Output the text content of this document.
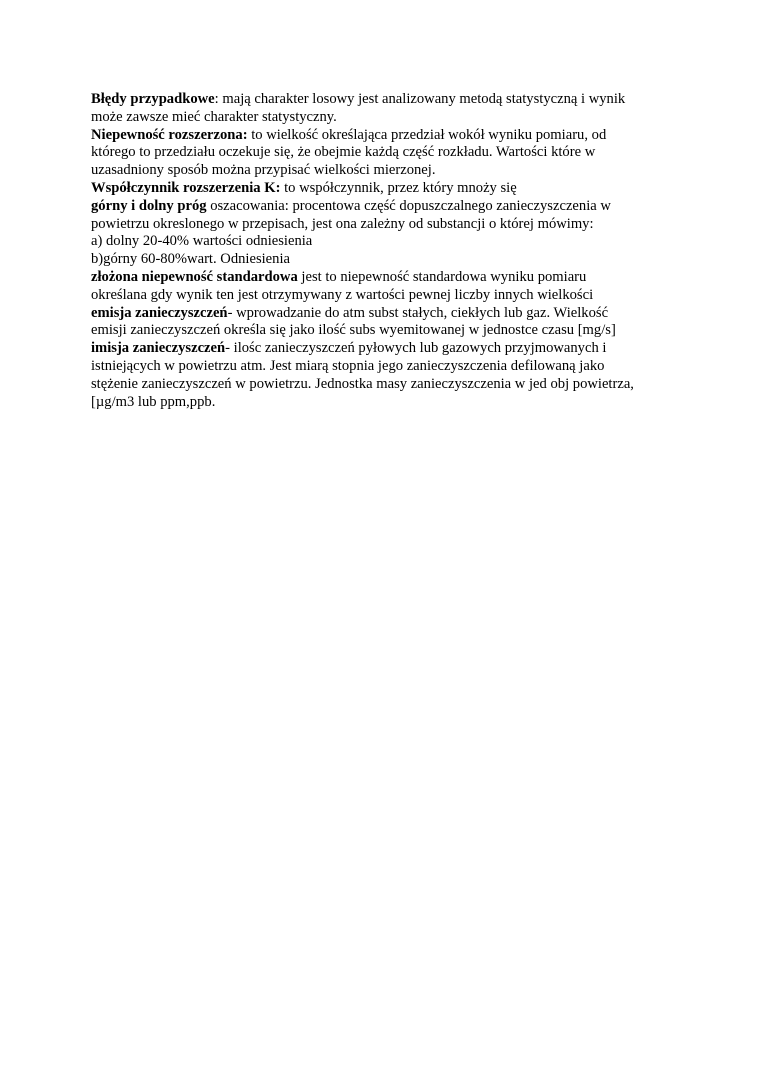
Błędy przypadkowe: mają charakter losowy jest analizowany metodą statystyczną i wynik
może zawsze mieć charakter statystyczny.
Niepewność rozszerzona: to wielkość określająca przedział wokół wyniku pomiaru, od
którego to przedziału oczekuje się, że obejmie każdą część rozkładu. Wartości które w
uzasadniony sposób można przypisać wielkości mierzonej.
Współczynnik rozszerzenia K: to współczynnik, przez który mnoży się
górny i dolny próg oszacowania: procentowa część dopuszczalnego zanieczyszczenia w
powietrzu okreslonego w przepisach, jest ona zależny od substancji o której mówimy:
a) dolny 20-40% wartości odniesienia
b)górny 60-80%wart. Odniesienia
złożona niepewność standardowa jest to niepewność standardowa wyniku pomiaru
określana gdy wynik ten jest otrzymywany z wartości pewnej liczby innych wielkości
emisja zanieczyszczeń- wprowadzanie do atm subst stałych, ciekłych lub gaz. Wielkość
emisji zanieczyszczeń określa się jako ilość subs wyemitowanej w jednostce czasu [mg/s]
imisja zanieczyszczeń- ilośc zanieczyszczeń pyłowych lub gazowych przyjmowanych i
istniejących w powietrzu atm. Jest miarą stopnia jego zanieczyszczenia defilowaną jako
stężenie zanieczyszczeń w powietrzu. Jednostka masy zanieczyszczenia w jed obj powietrza,
[µg/m3 lub ppm,ppb.
